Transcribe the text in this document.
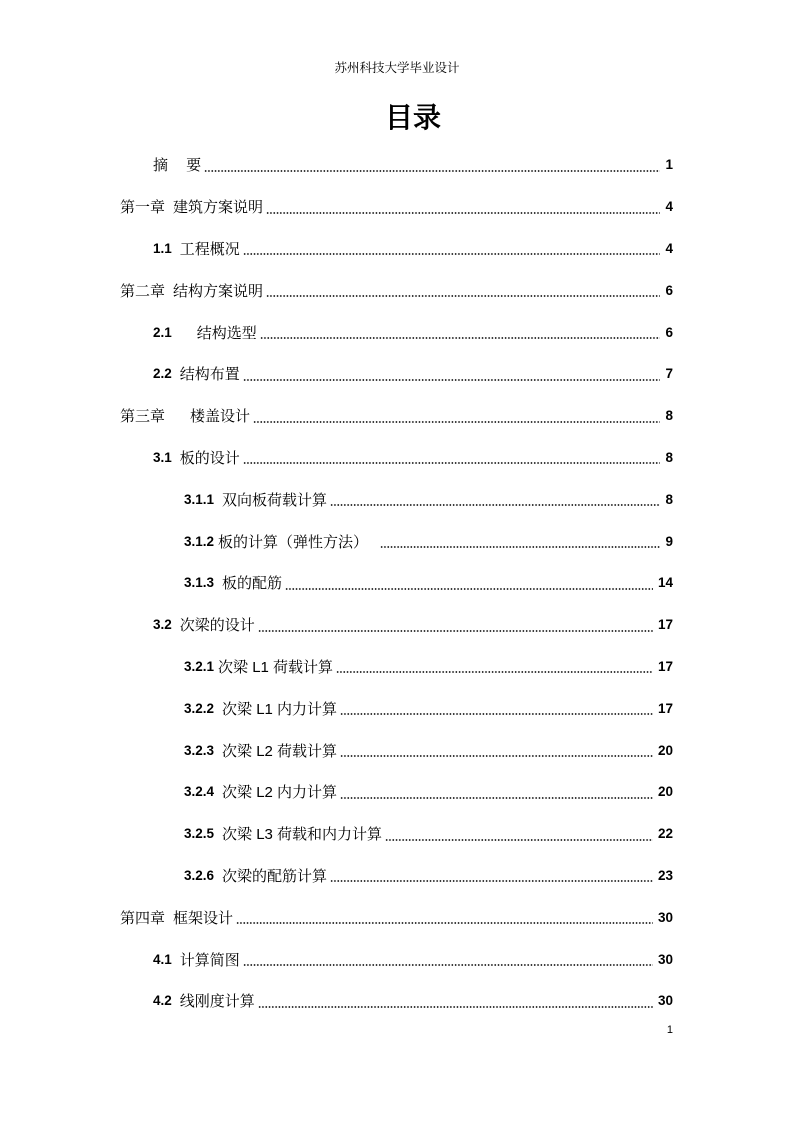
苏州科技大学毕业设计
目录
摘 要	1
第一章 建筑方案说明	4
1.1 工程概况	4
第二章 结构方案说明	6
2.1 结构选型	6
2.2 结构布置	7
第三章 楼盖设计	8
3.1 板的设计	8
3.1.1 双向板荷载计算	8
3.1.2 板的计算（弹性方法）	9
3.1.3 板的配筋	14
3.2 次梁的设计	17
3.2.1 次梁 L1 荷载计算	17
3.2.2 次梁 L1 内力计算	17
3.2.3 次梁 L2 荷载计算	20
3.2.4 次梁 L2 内力计算	20
3.2.5 次梁 L3 荷载和内力计算	22
3.2.6 次梁的配筋计算	23
第四章 框架设计	30
4.1 计算简图	30
4.2 线刚度计算	30
1
